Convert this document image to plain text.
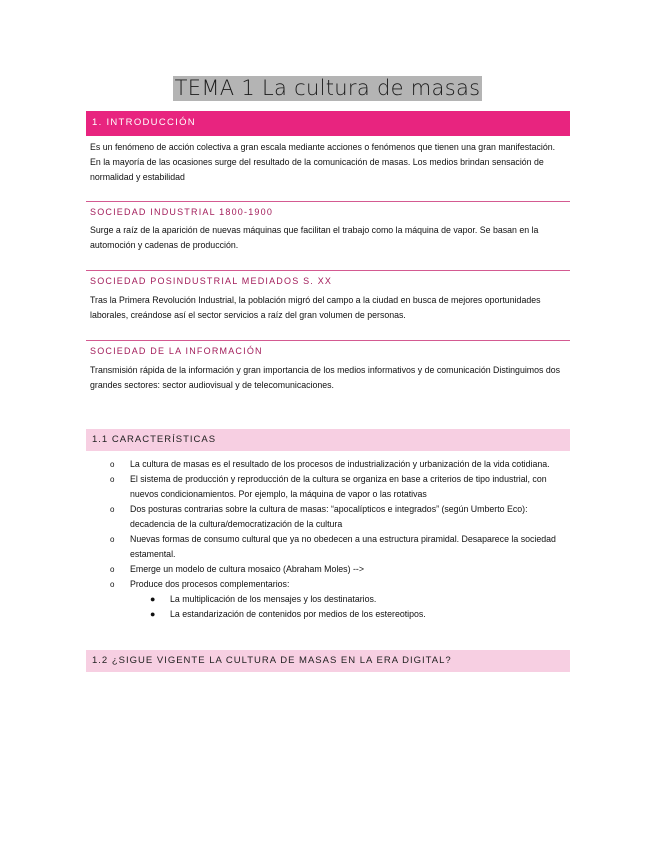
TEMA 1 La cultura de masas
1. INTRODUCCIÓN
Es un fenómeno de acción colectiva a gran escala mediante acciones o fenómenos que tienen una gran manifestación. En la mayoría de las ocasiones surge del resultado de la comunicación de masas. Los medios brindan sensación de normalidad y estabilidad
SOCIEDAD INDUSTRIAL 1800-1900
Surge a raíz de la aparición de nuevas máquinas que facilitan el trabajo como la máquina de vapor. Se basan en la automoción y cadenas de producción.
SOCIEDAD POSINDUSTRIAL MEDIADOS S. XX
Tras la Primera Revolución Industrial, la población migró del campo a la ciudad en busca de mejores oportunidades laborales, creándose así el sector servicios a raíz del gran volumen de personas.
SOCIEDAD DE LA INFORMACIÓN
Transmisión rápida de la información y gran importancia de los medios informativos y de comunicación Distinguimos dos grandes sectores: sector audiovisual y de telecomunicaciones.
1.1 CARACTERÍSTICAS
o La cultura de masas es el resultado de los procesos de industrialización y urbanización de la vida cotidiana.
o El sistema de producción y reproducción de la cultura se organiza en base a criterios de tipo industrial, con nuevos condicionamientos. Por ejemplo, la máquina de vapor o las rotativas
o Dos posturas contrarias sobre la cultura de masas: “apocalípticos e integrados” (según Umberto Eco): decadencia de la cultura/democratización de la cultura
o Nuevas formas de consumo cultural que ya no obedecen a una estructura piramidal. Desaparece la sociedad estamental.
o Emerge un modelo de cultura mosaico (Abraham Moles) -->
o Produce dos procesos complementarios:
● La multiplicación de los mensajes y los destinatarios.
● La estandarización de contenidos por medios de los estereotipos.
1.2 ¿SIGUE VIGENTE LA CULTURA DE MASAS EN LA ERA DIGITAL?
